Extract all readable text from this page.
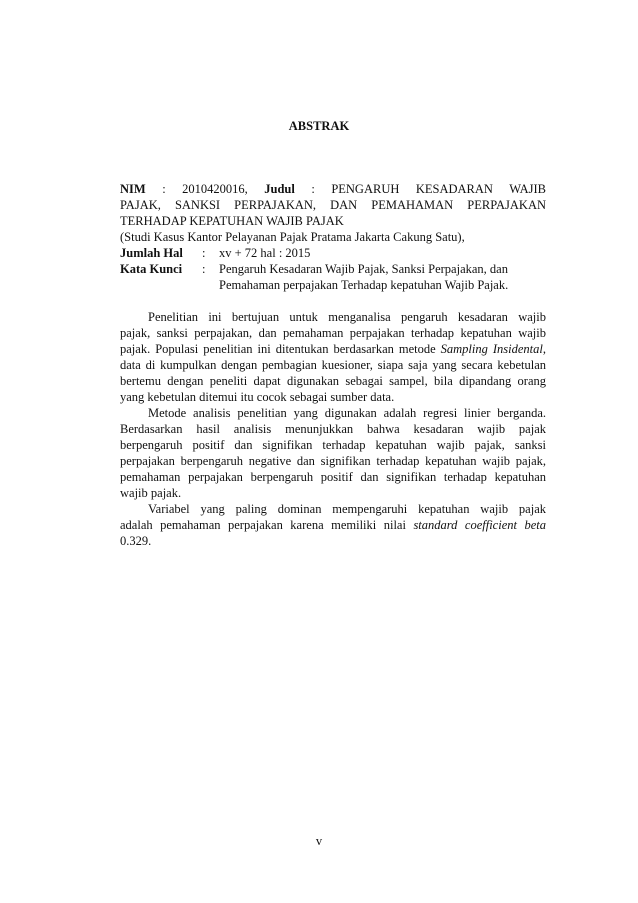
ABSTRAK
NIM : 2010420016, Judul : PENGARUH KESADARAN WAJIB
PAJAK, SANKSI PERPAJAKAN, DAN PEMAHAMAN PERPAJAKAN
TERHADAP KEPATUHAN WAJIB PAJAK
(Studi Kasus Kantor Pelayanan Pajak Pratama Jakarta Cakung Satu),
Jumlah Hal : xv + 72 hal : 2015
Kata Kunci : Pengaruh Kesadaran Wajib Pajak, Sanksi Perpajakan, dan
Pemahaman perpajakan Terhadap kepatuhan Wajib Pajak.
Penelitian ini bertujuan untuk menganalisa pengaruh kesadaran wajib
pajak, sanksi perpajakan, dan pemahaman perpajakan terhadap kepatuhan wajib
pajak. Populasi penelitian ini ditentukan berdasarkan metode Sampling Insidental,
data di kumpulkan dengan pembagian kuesioner, siapa saja yang secara kebetulan
bertemu dengan peneliti dapat digunakan sebagai sampel, bila dipandang orang
yang kebetulan ditemui itu cocok sebagai sumber data.
Metode analisis penelitian yang digunakan adalah regresi linier berganda.
Berdasarkan hasil analisis menunjukkan bahwa kesadaran wajib pajak
berpengaruh positif dan signifikan terhadap kepatuhan wajib pajak, sanksi
perpajakan berpengaruh negative dan signifikan terhadap kepatuhan wajib pajak,
pemahaman perpajakan berpengaruh positif dan signifikan terhadap kepatuhan
wajib pajak.
Variabel yang paling dominan mempengaruhi kepatuhan wajib pajak
adalah pemahaman perpajakan karena memiliki nilai standard coefficient beta
0.329.
v
